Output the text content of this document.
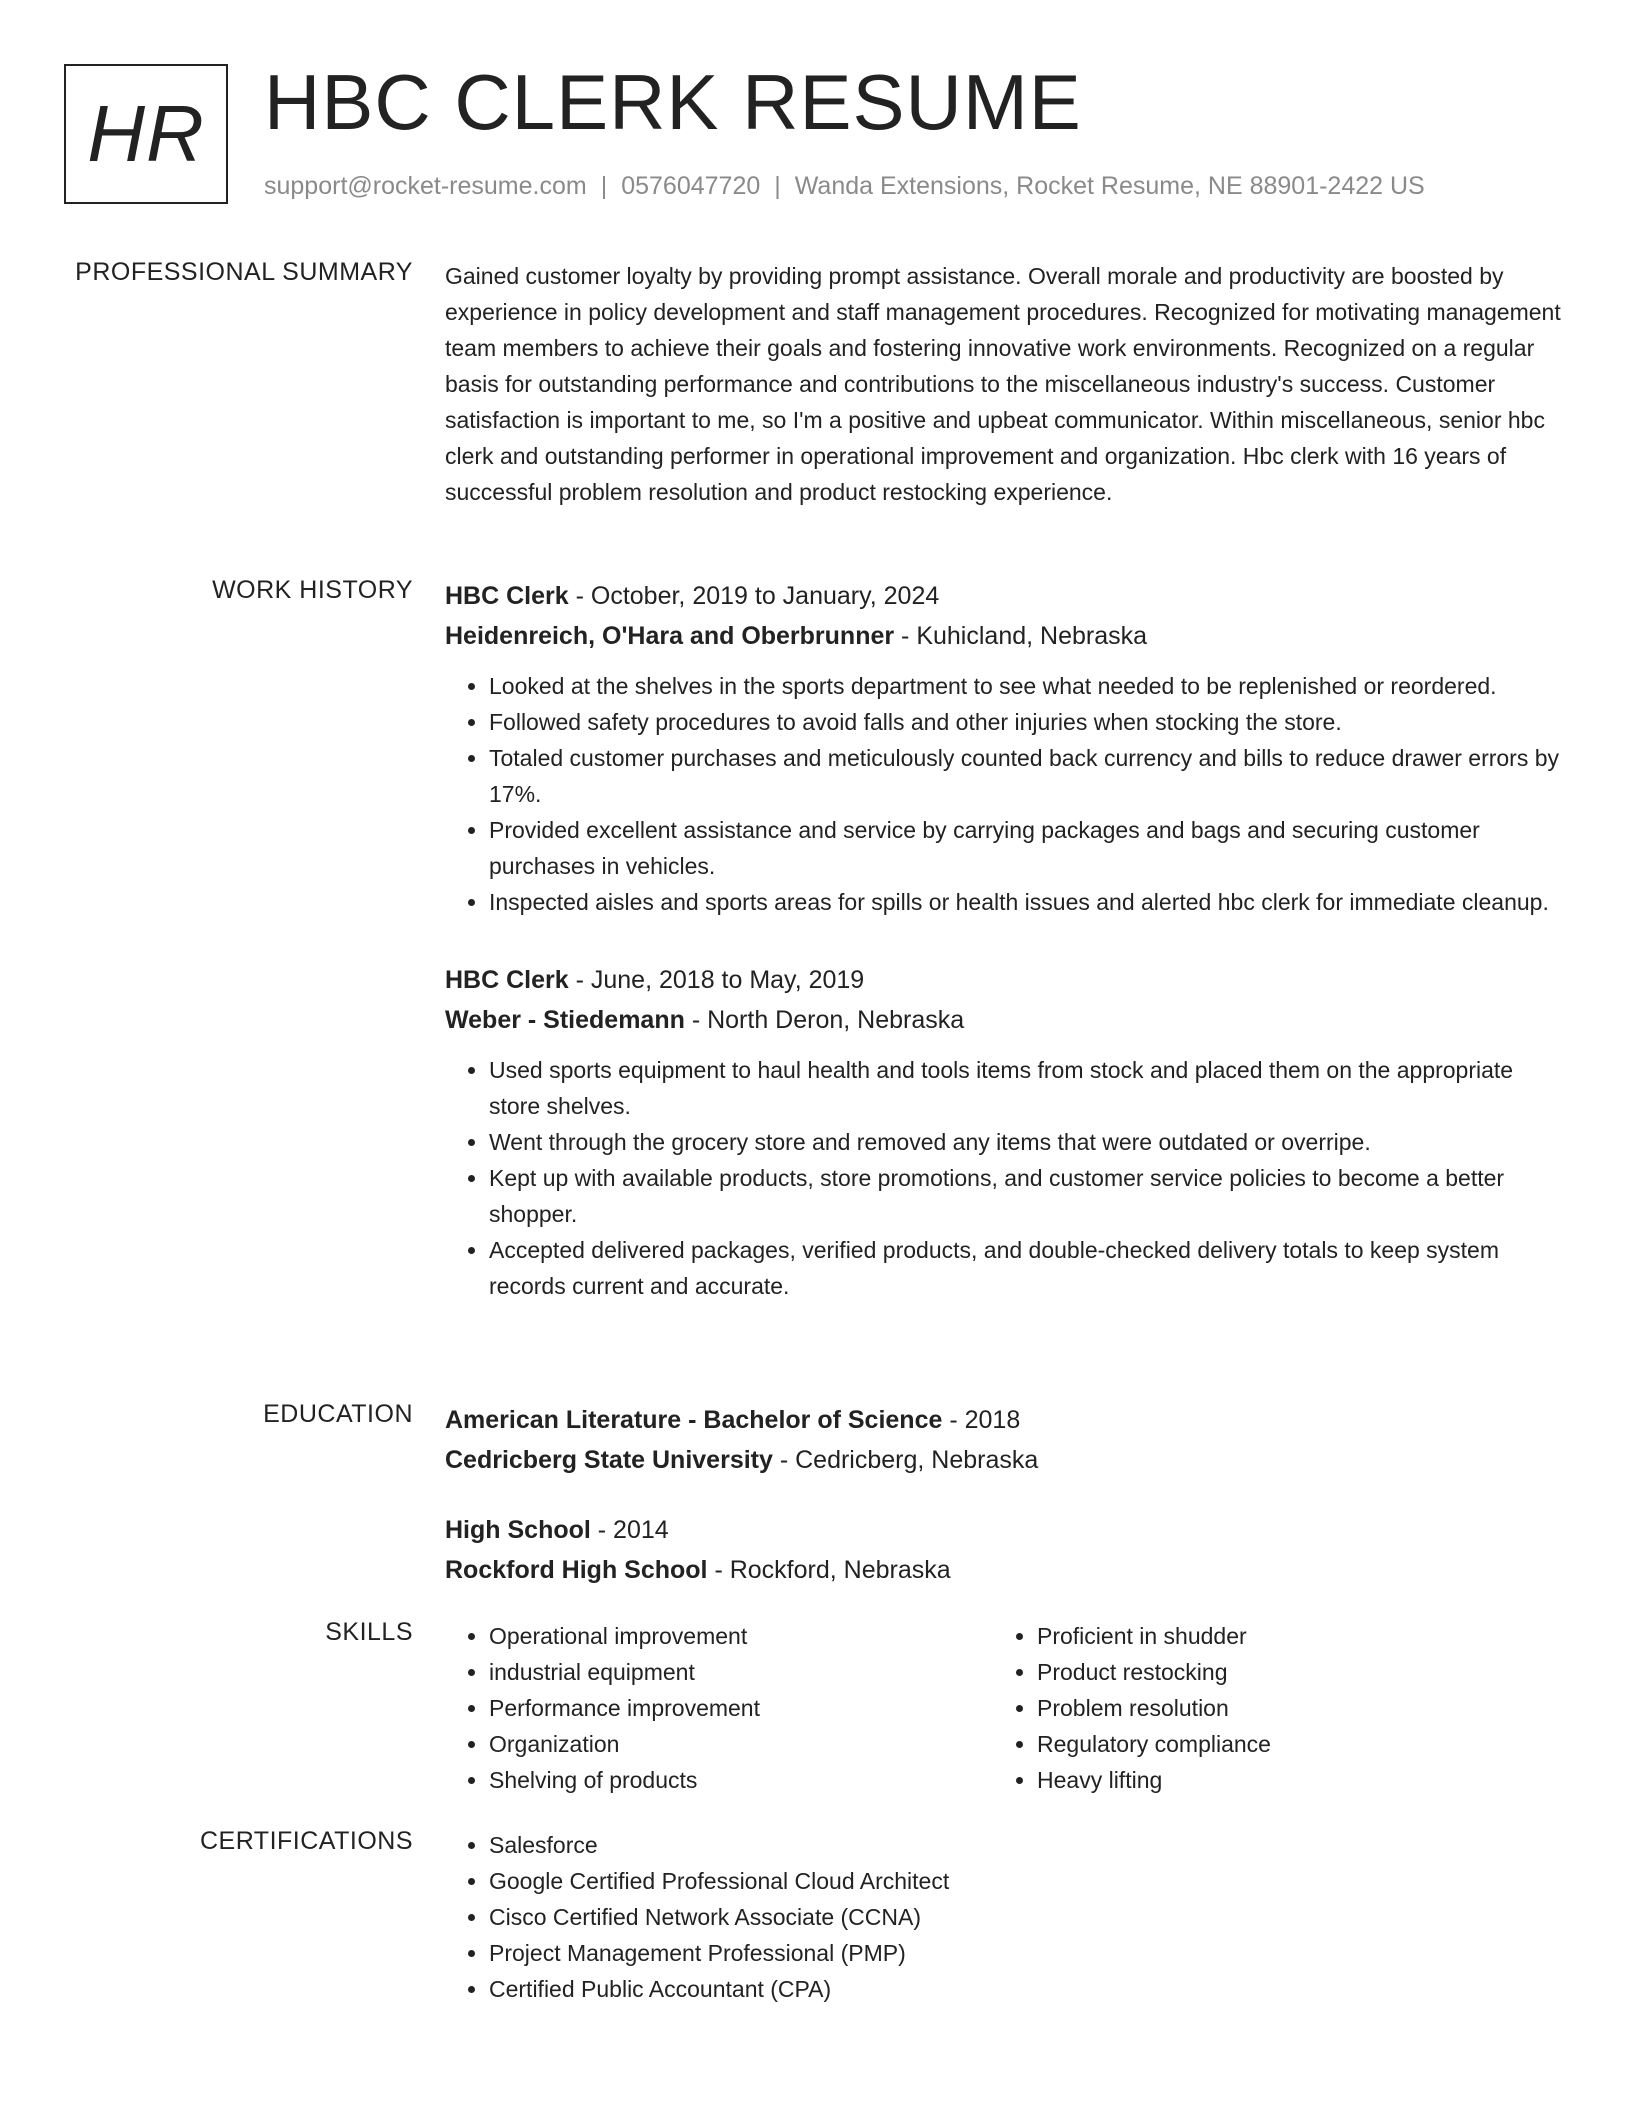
HR HBC CLERK RESUME
support@rocket-resume.com | 0576047720 | Wanda Extensions, Rocket Resume, NE 88901-2422 US
PROFESSIONAL SUMMARY Gained customer loyalty by providing prompt assistance. Overall morale and productivity are boosted by experience in policy development and staff management procedures. Recognized for motivating management team members to achieve their goals and fostering innovative work environments. Recognized on a regular basis for outstanding performance and contributions to the miscellaneous industry's success. Customer satisfaction is important to me, so I'm a positive and upbeat communicator. Within miscellaneous, senior hbc clerk and outstanding performer in operational improvement and organization. Hbc clerk with 16 years of successful problem resolution and product restocking experience.

WORK HISTORY HBC Clerk - October, 2019 to January, 2024
Heidenreich, O'Hara and Oberbrunner - Kuhicland, Nebraska
• Looked at the shelves in the sports department to see what needed to be replenished or reordered.
• Followed safety procedures to avoid falls and other injuries when stocking the store.
• Totaled customer purchases and meticulously counted back currency and bills to reduce drawer errors by 17%.
• Provided excellent assistance and service by carrying packages and bags and securing customer purchases in vehicles.
• Inspected aisles and sports areas for spills or health issues and alerted hbc clerk for immediate cleanup.
HBC Clerk - June, 2018 to May, 2019
Weber - Stiedemann - North Deron, Nebraska
• Used sports equipment to haul health and tools items from stock and placed them on the appropriate store shelves.
• Went through the grocery store and removed any items that were outdated or overripe.
• Kept up with available products, store promotions, and customer service policies to become a better shopper.
• Accepted delivered packages, verified products, and double-checked delivery totals to keep system records current and accurate.
EDUCATION American Literature - Bachelor of Science - 2018
Cedricberg State University - Cedricberg, Nebraska
High School - 2014
Rockford High School - Rockford, Nebraska
SKILLS	• Operational improvement
• industrial equipment
• Performance improvement
• Organization
• Shelving of products
• Proficient in shudder
• Product restocking
• Problem resolution
• Regulatory compliance
• Heavy lifting
CERTIFICATIONS	• Salesforce
• Google Certified Professional Cloud Architect
• Cisco Certified Network Associate (CCNA)
• Project Management Professional (PMP)
• Certified Public Accountant (CPA)
